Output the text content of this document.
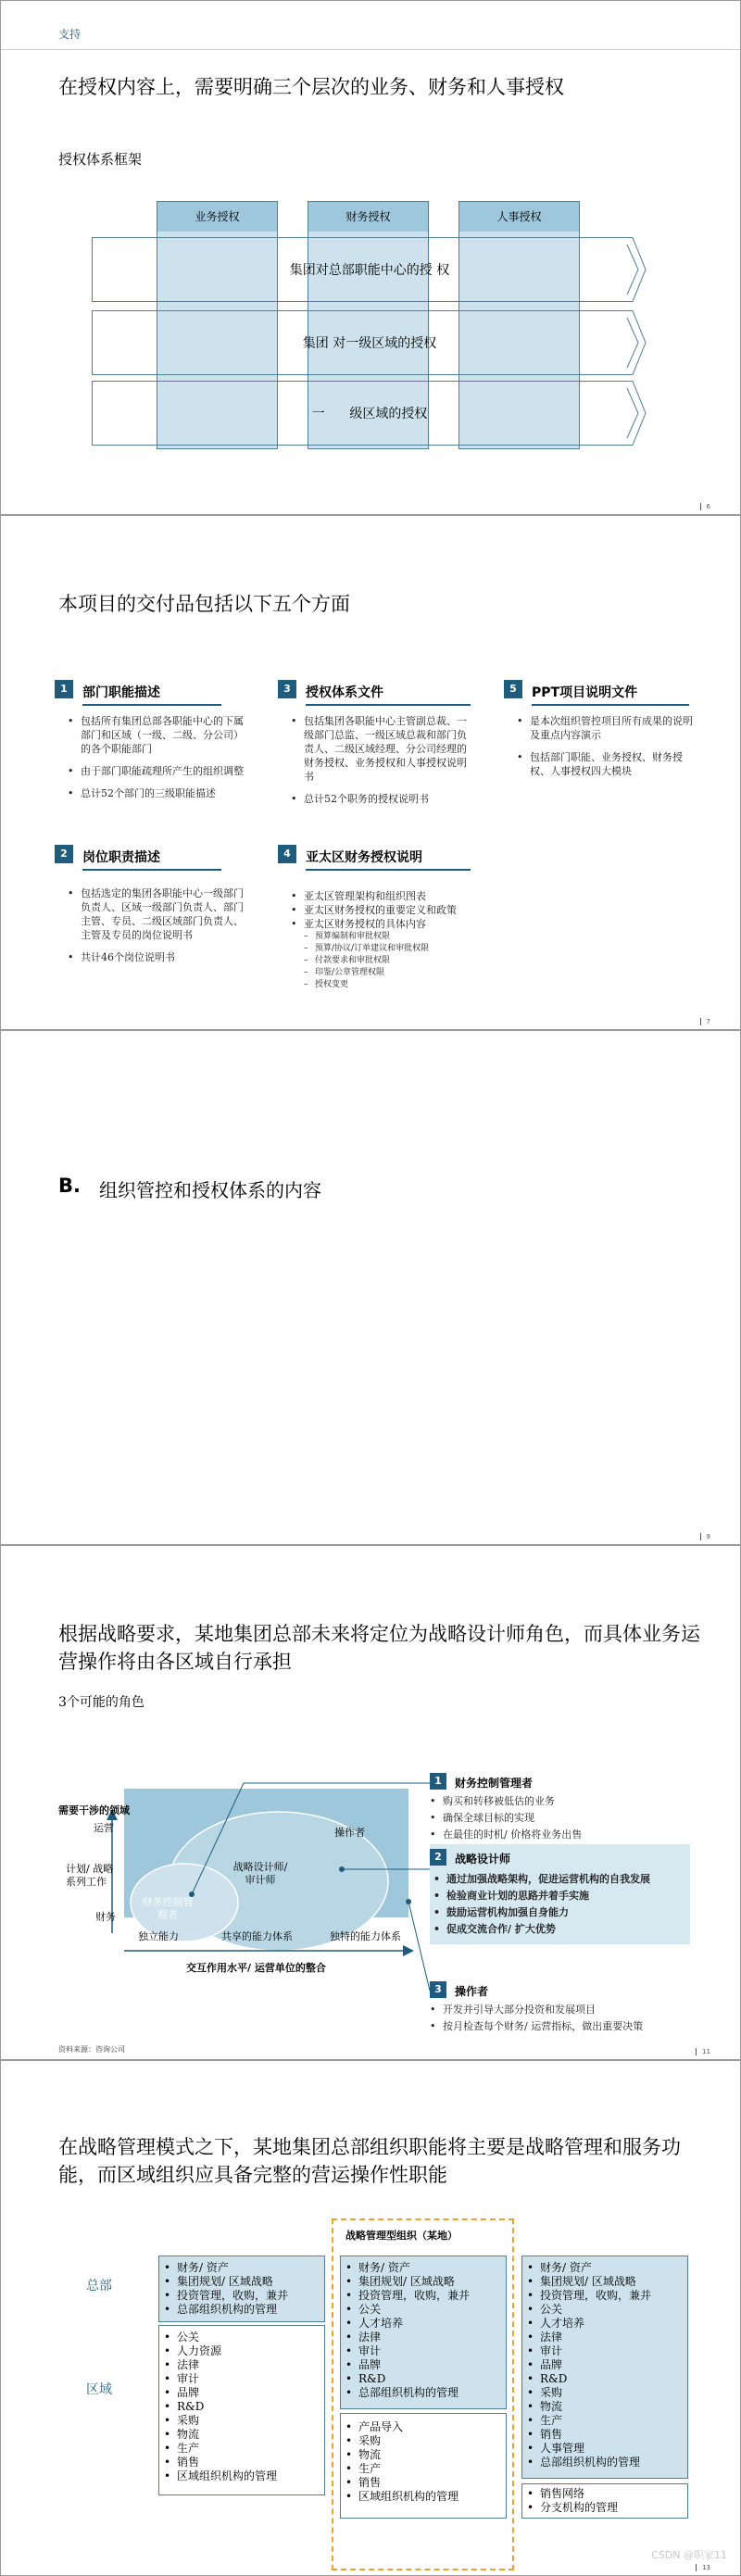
支持
在授权内容上，需要明确三个层次的业务、财务和人事授权
授权体系框架
业务授权	财务授权	人事授权
集团对总部职能中心的授 权
集团 对一级区域的授权
一      级区域的授权
6
本项目的交付品包括以下五个方面
1	部门职能描述
• 包括所有集团总部各职能中心的下属部门和区域（一级、二级、分公司）的各个职能部门
• 由于部门职能疏理所产生的组织调整
• 总计52个部门的三级职能描述
2	岗位职责描述
• 包括选定的集团各职能中心一级部门负责人、区域一级部门负责人、部门主管、专员、二级区域部门负责人、主管及专员的岗位说明书
• 共计46个岗位说明书
3	授权体系文件
• 包括集团各职能中心主管副总裁、一级部门总监、一级区域总裁和部门负责人、二级区域经理、分公司经理的财务授权、业务授权和人事授权说明书
• 总计52个职务的授权说明书
4	亚太区财务授权说明
• 亚太区管理架构和组织图表
• 亚太区财务授权的重要定义和政策
• 亚太区财务授权的具体内容
– 预算编制和审批权限
– 预算/协议/订单建议和审批权限
– 付款要求和审批权限
– 印鉴/公章管理权限
– 授权变更
5	PPT项目说明文件
• 是本次组织管控项目所有成果的说明及重点内容演示
• 包括部门职能、业务授权、财务授权、人事授权四大模块
7
B. 组织管控和授权体系的内容
9
根据战略要求，某地集团总部未来将定位为战略设计师角色，而具体业务运营操作将由各区域自行承担
3个可能的角色
需要干涉的领域
运营
计划/ 战略系列工作
财务
独立能力	共享的能力体系	独特的能力体系
交互作用水平/ 运营单位的整合
财务控制管理者
战略设计师/ 审计师
操作者
1	财务控制管理者
• 购买和转移被低估的业务
• 确保全球目标的实现
• 在最佳的时机/ 价格将业务出售
2	战略设计师
• 通过加强战略架构，促进运营机构的自我发展
• 检验商业计划的思路并着手实施
• 鼓励运营机构加强自身能力
• 促成交流合作/ 扩大优势
3	操作者
• 开发并引导大部分投资和发展项目
• 按月检查每个财务/ 运营指标，做出重要决策
资料来源：咨询公司	11
在战略管理模式之下，某地集团总部组织职能将主要是战略管理和服务功能，而区域组织应具备完整的营运操作性职能
战略管理型组织（某地）
总部
区域
• 财务/ 资产
• 集团规划/ 区域战略
• 投资管理，收购，兼并
• 总部组织机构的管理
• 财务/ 资产
• 集团规划/ 区域战略
• 投资管理，收购，兼并
• 公关
• 人才培养
• 法律
• 审计
• 品牌
• R&D
• 总部组织机构的管理
• 财务/ 资产
• 集团规划/ 区域战略
• 投资管理，收购，兼并
• 公关
• 人才培养
• 法律
• 审计
• 品牌
• R&D
• 采购
• 物流
• 生产
• 销售
• 人事管理
• 总部组织机构的管理
• 公关
• 人力资源
• 法律
• 审计
• 品牌
• R&D
• 采购
• 物流
• 生产
• 销售
• 区域组织机构的管理
• 产品导入
• 采购
• 物流
• 生产
• 销售
• 区域组织机构的管理
•	销售网络
• 分支机构的管理
CSDN @职家11
13
